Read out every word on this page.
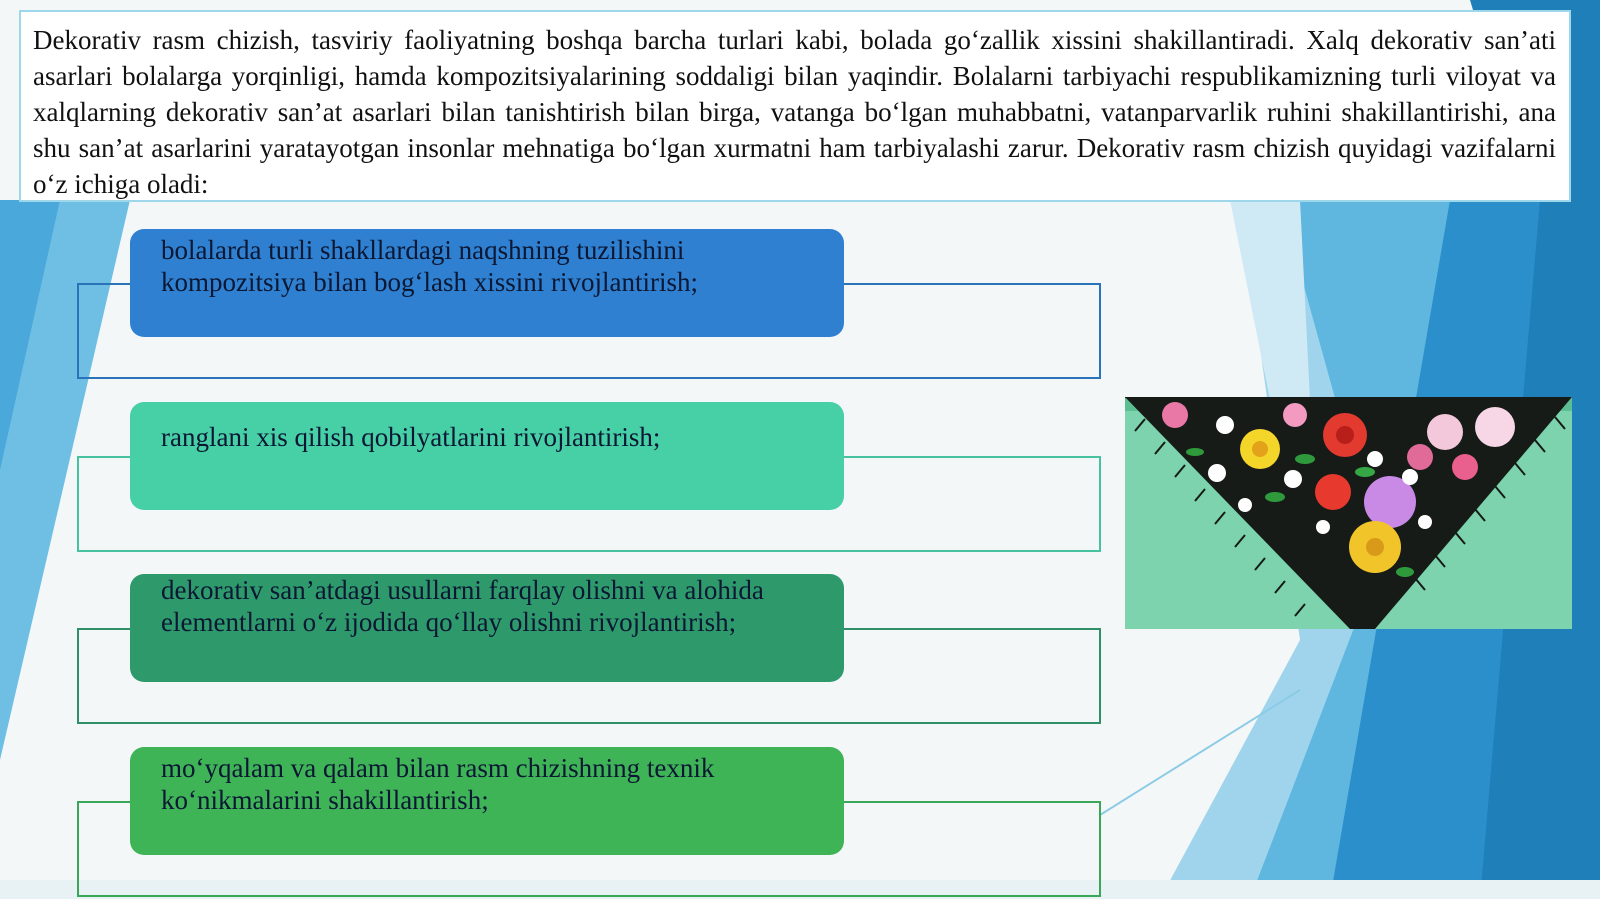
Dekorativ rasm chizish, tasviriy faoliyatning boshqa barcha turlari kabi, bolada go‘zallik xissini shakillantiradi. Xalq dekorativ san’ati asarlari bolalarga yorqinligi, hamda kompozitsiyalarining soddaligi bilan yaqindir. Bolalarni tarbiyachi respublikamizning turli viloyat va xalqlarning dekorativ san’at asarlari bilan tanishtirish bilan birga, vatanga bo‘lgan muhabbatni, vatanparvarlik ruhini shakillantirishi, ana shu san’at asarlarini yaratayotgan insonlar mehnatiga bo‘lgan xurmatni ham tarbiyalashi zarur. Dekorativ rasm chizish quyidagi vazifalarni o‘z ichiga oladi:
bolalarda turli shakllardagi naqshning tuzilishini kompozitsiya bilan bog‘lash xissini rivojlantirish;
ranglani xis qilish qobilyatlarini rivojlantirish;
dekorativ san’atdagi usullarni farqlay olishni va alohida elementlarni o‘z ijodida qo‘llay olishni rivojlantirish;
mo‘yqalam va qalam bilan rasm chizishning texnik ko‘nikmalarini shakillantirish;
